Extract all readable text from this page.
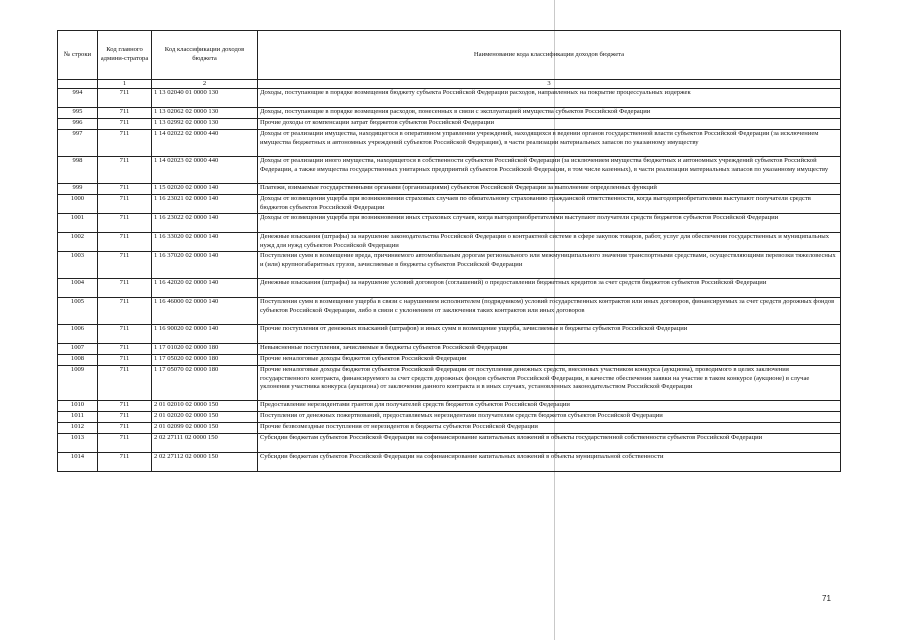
№ строки	Код главного админи-стратора	Код классификации доходов бюджета	Наименование кода классификации доходов бюджета
	1	2	3
994	711	1 13 02040 01 0000 130	Доходы, поступающие в порядке возмещения бюджету субъекта Российской Федерации расходов, направленных на покрытие процессуальных издержек
995	711	1 13 02062 02 0000 130	Доходы, поступающие в порядке возмещения расходов, понесенных в связи с эксплуатацией имущества субъектов Российской Федерации
996	711	1 13 02992 02 0000 130	Прочие доходы от компенсации затрат бюджетов субъектов Российской Федерации
997	711	1 14 02022 02 0000 440	Доходы от реализации имущества, находящегося в оперативном управлении учреждений, находящихся в ведении органов государственной власти субъектов Российской Федерации (за исключением имущества бюджетных и автономных учреждений субъектов Российской Федерации), в части реализации материальных запасов по указанному имуществу
998	711	1 14 02023 02 0000 440	Доходы от реализации иного имущества, находящегося в собственности субъектов Российской Федерации (за исключением имущества бюджетных и автономных учреждений субъектов Российской Федерации, а также имущества государственных унитарных предприятий субъектов Российской Федерации, в том числе казенных), в части реализации материальных запасов по указанному имуществу
999	711	1 15 02020 02 0000 140	Платежи, взимаемые государственными органами (организациями) субъектов Российской Федерации за выполнение определенных функций
1000	711	1 16 23021 02 0000 140	Доходы от возмещения ущерба при возникновении страховых случаев по обязательному страхованию гражданской ответственности, когда выгодоприобретателями выступают получатели средств бюджетов субъектов Российской Федерации
1001	711	1 16 23022 02 0000 140	Доходы от возмещения ущерба при возникновении иных страховых случаев, когда выгодоприобретателями выступают получатели средств бюджетов субъектов Российской Федерации
1002	711	1 16 33020 02 0000 140	Денежные взыскания (штрафы) за нарушение законодательства Российской Федерации о контрактной системе в сфере закупок товаров, работ, услуг для обеспечения государственных и муниципальных нужд для нужд субъектов Российской Федерации
1003	711	1 16 37020 02 0000 140	Поступления сумм в возмещение вреда, причиняемого автомобильным дорогам регионального или межмуниципального значения транспортными средствами, осуществляющими перевозки тяжеловесных и (или) крупногабаритных грузов, зачисляемые в бюджеты субъектов Российской Федерации
1004	711	1 16 42020 02 0000 140	Денежные взыскания (штрафы) за нарушение условий договоров (соглашений) о предоставлении бюджетных кредитов за счет средств бюджетов субъектов Российской Федерации
1005	711	1 16 46000 02 0000 140	Поступления сумм в возмещение ущерба в связи с нарушением исполнителем (подрядчиком) условий государственных контрактов или иных договоров, финансируемых за счет средств дорожных фондов субъектов Российской Федерации, либо в связи с уклонением от заключения таких контрактов или иных договоров
1006	711	1 16 90020 02 0000 140	Прочие поступления от денежных взысканий (штрафов) и иных сумм в возмещение ущерба, зачисляемые в бюджеты субъектов Российской Федерации
1007	711	1 17 01020 02 0000 180	Невыясненные поступления, зачисляемые в бюджеты субъектов Российской Федерации
1008	711	1 17 05020 02 0000 180	Прочие неналоговые доходы бюджетов субъектов Российской Федерации
1009	711	1 17 05070 02 0000 180	Прочие неналоговые доходы бюджетов субъектов Российской Федерации от поступления денежных средств, внесенных участником конкурса (аукциона), проводимого в целях заключения государственного контракта, финансируемого за счет средств дорожных фондов субъектов Российской Федерации, в качестве обеспечения заявки на участие в таком конкурсе (аукционе) в случае уклонения участника конкурса (аукциона) от заключения данного контракта и в иных случаях, установленных законодательством Российской Федерации
1010	711	2 01 02010 02 0000 150	Предоставление нерезидентами грантов для получателей средств бюджетов субъектов Российской Федерации
1011	711	2 01 02020 02 0000 150	Поступления от денежных пожертвований, предоставляемых нерезидентами получателям средств бюджетов субъектов Российской Федерации
1012	711	2 01 02099 02 0000 150	Прочие безвозмездные поступления от нерезидентов в бюджеты субъектов Российской Федерации
1013	711	2 02 27111 02 0000 150	Субсидии бюджетам субъектов Российской Федерации на софинансирование капитальных вложений в объекты государственной собственности субъектов Российской Федерации
1014	711	2 02 27112 02 0000 150	Субсидии бюджетам субъектов Российской Федерации на софинансирование капитальных вложений в объекты муниципальной собственности
71
